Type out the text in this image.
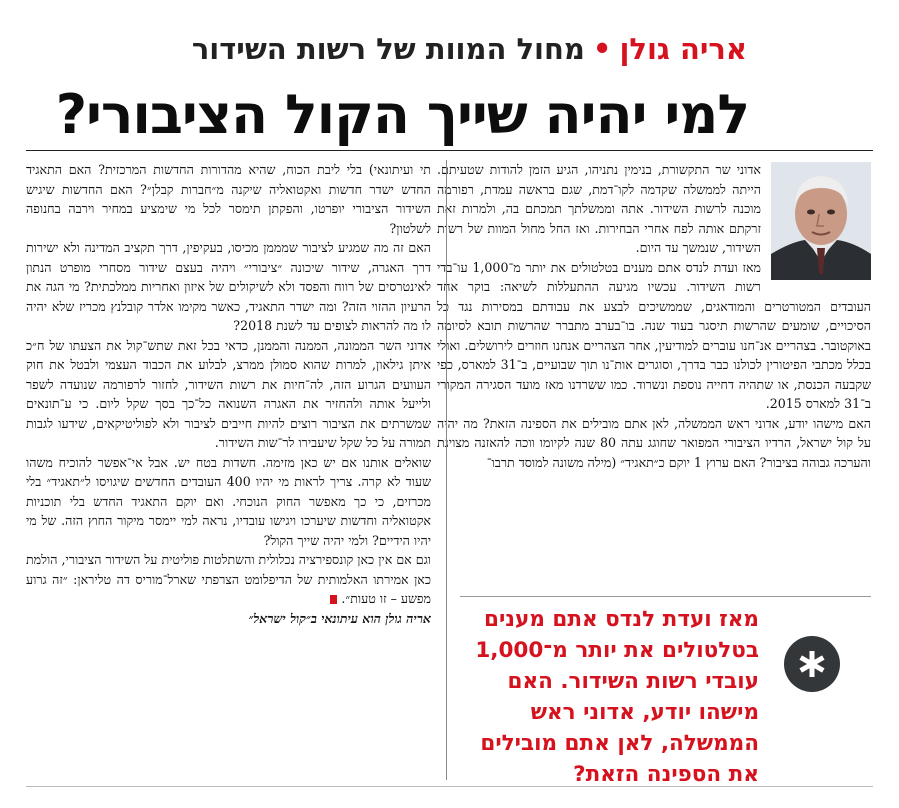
אריה גולן•מחול המוות של רשות השידור
למי יהיה שייך הקול הציבורי?

אדוני שר התקשורת, בנימין נתניהו, הגיע הזמן להודות שטעיתם. הייתה לממשלה שקדמה לקו־דמת, שגם בראשה עמדת, רפורמה מוכנה לרשות השידור. אתה וממשלתך תמכתם בה, ולמרות זאת זרקתם אותה לפח אחרי הבחירות. ואז החל מחול המוות של רשות השידור, שנמשך עד היום.

מאז ועדת לנדס אתם מענים בטלטולים את יותר מ־1,000 עו־בדי רשות השידור. עכשיו מגיעה ההתעללות לשיאה: בוקר אחד העובדים המטורטרים והמודאגים, שממשיכים לבצע את עבודתם במסירות נגד כל הסיכויים, שומעים שהרשות תיסגר בעוד שנה. בו־בערב מתברר שהרשות תובא לסיומה באוקטובר. בצהריים אנ־חנו עוברים למודיעין, אחר הצהריים אנחנו חוזרים לירושלים. ואולי בכלל מכתבי הפיטורין לכולנו כבר בדרך, וסוגרים אות־נו תוך שבועיים, ב־31 למארס, כפי שקבעה הכנסת, או שתהיה דחייה נוספת ונשרוד. כמו ששרדנו מאז מועד הסגירה המקורי ב־31 למארס 2015.

האם מישהו יודע, אדוני ראש הממשלה, לאן אתם מובילים את הספינה הזאת? מה יהיה על קול ישראל, הרדיו הציבורי המפואר שחוגג עתה 80 שנה לקיומו ווכה להאזנה מצוינת והערכה גבוהה בציבור? האם ערוץ 1 יוקם כ״תאגיד״ (מילה משונה למוסד תרבו־

תי ועיתונאי) בלי ליבת הכוח, שהיא מהדורות החדשות המרכזית? האם התאגיד החדש ישדר חדשות ואקטואליה שיקנה מ״חברות קבלן״? האם החדשות שיגיש השידור הציבורי יופרטו, והפקתן תימסר לכל מי שימציע במחיר וירבה בחנופה לשלטון?

האם זה מה שמגיע לציבור שמממן מכיסו, בעקיפין, דרך תקציב המדינה ולא ישירות דרך האגרה, שידור שיכונה ״ציבורי״ ויהיה בעצם שידור מסחרי מופרט הנתון לאינטרסים של רווח והפסד ולא לשיקולים של איזון ואחריות ממלכתית? מי הגה את הרעיון ההזוי הזה? ומה ישדר התאגיד, כאשר מקימו אלדר קובלנץ מכריז שלא יהיה לו מה להראות לצופים עד לשנת 2018?

אדוני השר הממונה, הממנה והממנן, כדאי בכל זאת שתש־קול את הצעתו של ח״כ איתן גילאון, למרות שהוא סמולן ממרצ, לבלוע את הכבוד העצמי ולבטל את חוק העוועים הגרוע הזה, לה־חיות את רשות השידור, לחזור לרפורמה שנועדה לשפר ולייעל אותה ולהחזיר את האגרה השנואה כל־כך בסך שקל ליום. כי ע־תונאים שמשרתים את הציבור רוצים להיות חייבים לציבור ולא לפוליטיקאים, שידעו לגבות תמורה על כל שקל שיעבירו לר־שות השידור.

שואלים אותנו אם יש כאן מזימה. חשדות בטח יש. אבל אי־אפשר להוכיח משהו שעוד לא קרה. צריך לראות מי יהיו 400 העובדים החדשים שיגויסו ל״תאגיד״ בלי מכרזים, כי כך מאפשר החוק הנוכחי. ואם יוקם התאגיד החדש בלי תוכניות אקטואליה וחדשות שיערכו ויגישו עובדיו, נראה למי יימסר מיקור החוץ הזה. של מי יהיו הידיים? ולמי יהיה שייך הקול?

וגם אם אין כאן קונספירציה נכלולית והשתלטות פוליטית על השידור הציבורי, הולמת כאן אמירתו האלמותית של הדיפלומט הצרפתי שארל־מוריס דה טליראן: ״זה גרוע מפשע – זו טעות״.

אריה גולן הוא עיתונאי ב״קול ישראל״	מאז ועדת לנדס אתם מענים בטלטולים את יותר מ־1,000 עובדי רשות השידור. האם מישהו יודע, אדוני ראש הממשלה, לאן אתם מובילים את הספינה הזאת?
